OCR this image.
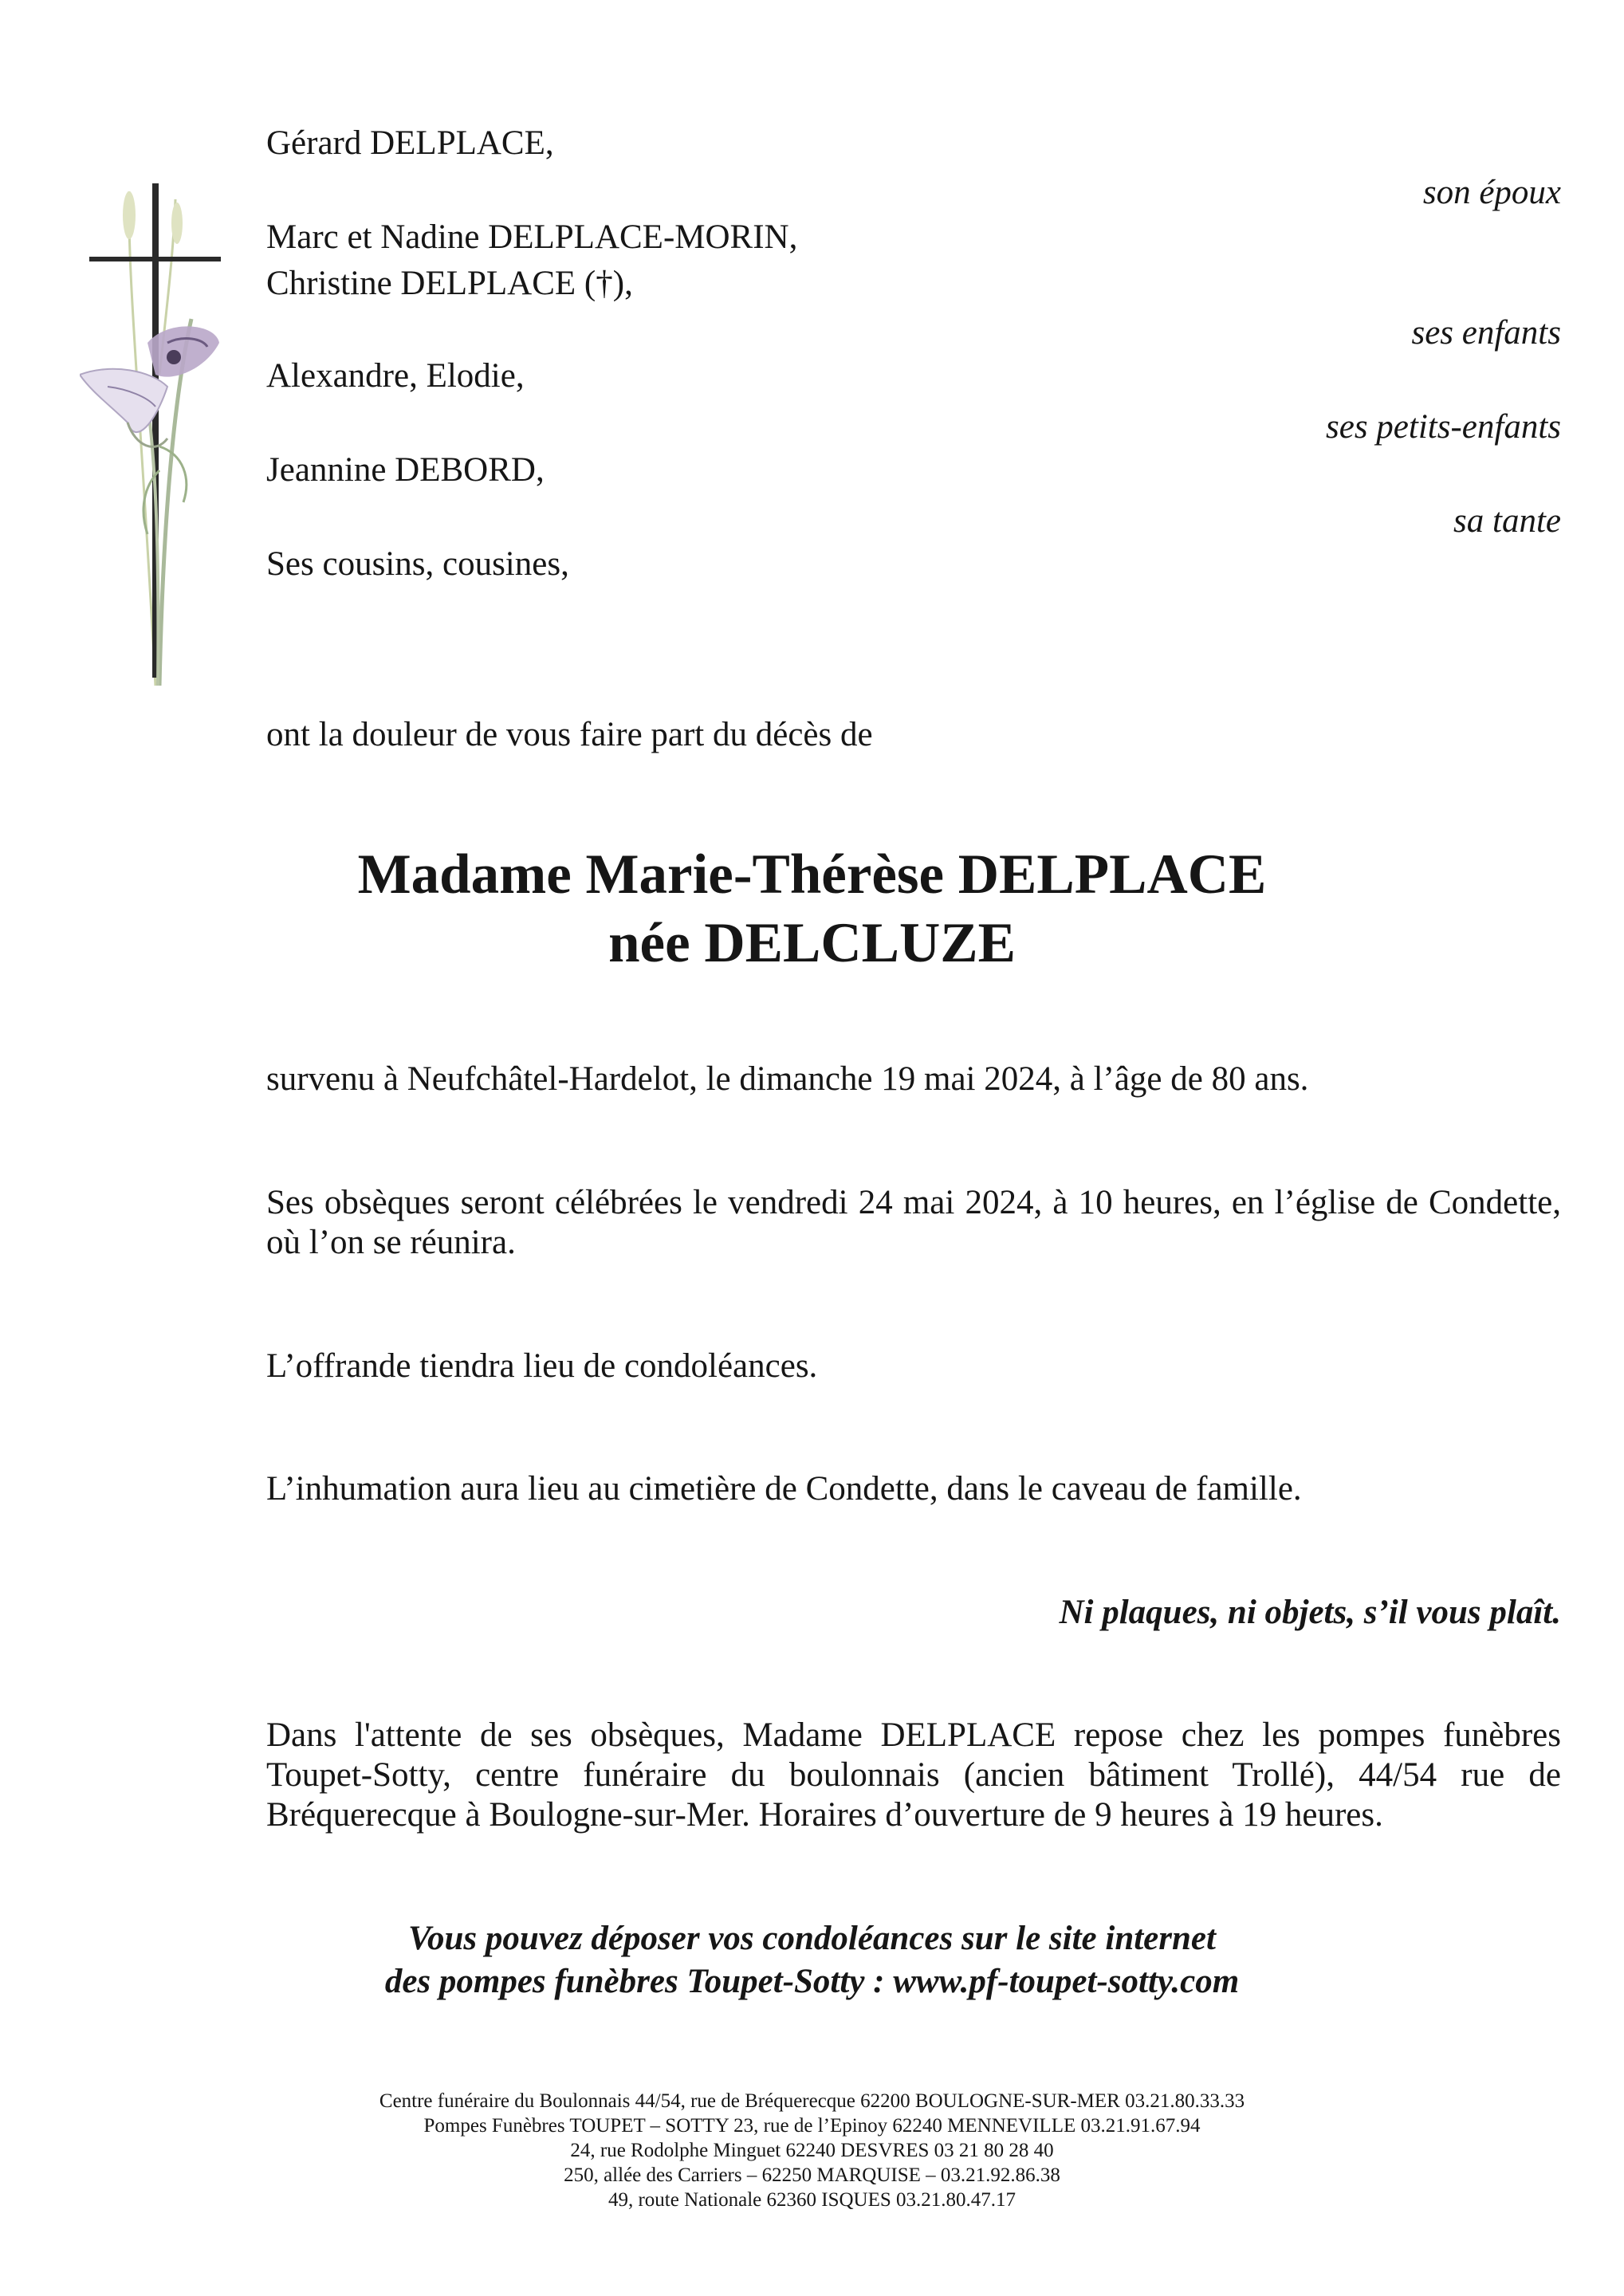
Gérard DELPLACE,
Marc et Nadine DELPLACE-MORIN,
Christine DELPLACE (†),
Alexandre, Elodie,
Jeannine DEBORD,
Ses cousins, cousines,
son époux
ses enfants
ses petits-enfants
sa tante
ont la douleur de vous faire part du décès de
Madame Marie-Thérèse DELPLACE
née DELCLUZE
survenu à Neufchâtel-Hardelot, le dimanche 19 mai 2024, à l’âge de 80 ans.
Ses obsèques seront célébrées le vendredi 24 mai 2024, à 10 heures, en l’église de Condette, où l’on se réunira.
L’offrande tiendra lieu de condoléances.
L’inhumation aura lieu au cimetière de Condette, dans le caveau de famille.
Ni plaques, ni objets, s’il vous plaît.
Dans l'attente de ses obsèques, Madame DELPLACE repose chez les pompes funèbres Toupet-Sotty, centre funéraire du boulonnais (ancien bâtiment Trollé), 44/54 rue de Bréquerecque à Boulogne-sur-Mer. Horaires d’ouverture de 9 heures à 19 heures.
Vous pouvez déposer vos condoléances sur le site internet
des pompes funèbres Toupet-Sotty : www.pf-toupet-sotty.com
Centre funéraire du Boulonnais 44/54, rue de Bréquerecque 62200 BOULOGNE-SUR-MER 03.21.80.33.33
Pompes Funèbres TOUPET – SOTTY 23, rue de l’Epinoy 62240 MENNEVILLE 03.21.91.67.94
24, rue Rodolphe Minguet 62240 DESVRES 03 21 80 28 40
250, allée des Carriers – 62250 MARQUISE – 03.21.92.86.38
49, route Nationale 62360 ISQUES 03.21.80.47.17
